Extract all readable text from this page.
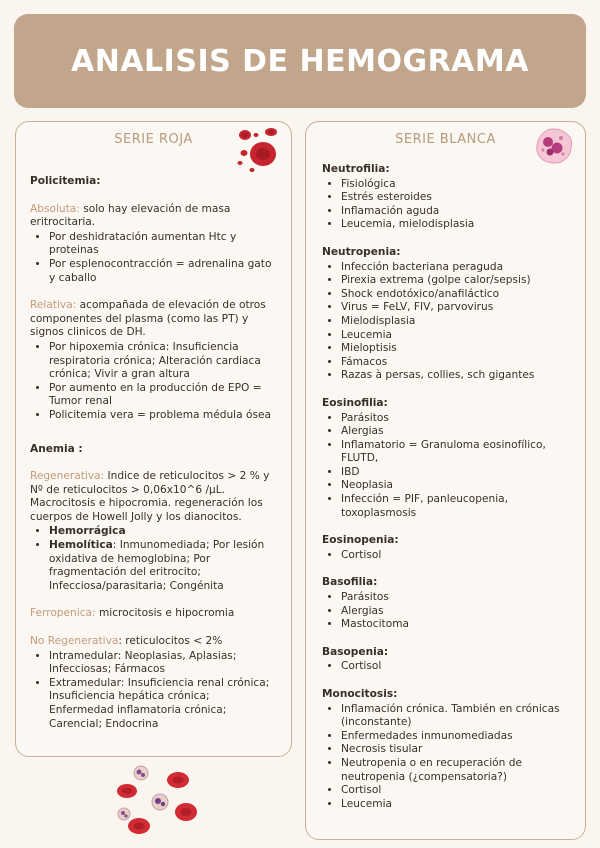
ANALISIS DE HEMOGRAMA
SERIE ROJA

Policitemia:

Absoluta: solo hay elevación de masa eritrocitaria.

• Por deshidratación aumentan Htc y proteinas
• Por esplenocontracción = adrenalina gato y caballo

Relativa: acompañada de elevación de otros componentes del plasma (como las PT) y signos clinicos de DH.

• Por hipoxemia crónica: Insuficiencia respiratoria crónica; Alteración cardiaca crónica; Vivir a gran altura
• Por aumento en la producción de EPO = Tumor renal
• Policitemia vera = problema médula ósea

Anemia :

Regenerativa: Indice de reticulocitos > 2 % y Nº de reticulocitos > 0,06x10^6 /µL. Macrocitosis e hipocromia. regeneración los cuerpos de Howell Jolly y los dianocitos.

• Hemorrágica
• Hemolítica: Inmunomediada; Por lesión oxidativa de hemoglobina; Por fragmentación del eritrocito; Infecciosa/parasitaria; Congénita

Ferropenica: microcitosis e hipocromia

No Regenerativa: reticulocitos < 2%

• Intramedular: Neoplasias, Aplasias; Infecciosas; Fármacos
• Extramedular: Insuficiencia renal crónica; Insuficiencia hepática crónica; Enfermedad inflamatoria crónica; Carencial; Endocrina
SERIE BLANCA

Neutrofilia:

• Fisiológica
• Estrés esteroides
• Inflamación aguda
• Leucemia, mielodisplasia

Neutropenia:

• Infección bacteriana peraguda
• Pirexia extrema (golpe calor/sepsis)
• Shock endotóxico/anafiláctico
• Virus = FeLV, FIV, parvovirus
• Mielodisplasia
• Leucemia
• Mieloptisis
• Fámacos
• Razas à persas, collies, sch gigantes

Eosinofilia:

• Parásitos
• Alergias
• Inflamatorio = Granuloma eosinofílico, FLUTD,
• IBD
• Neoplasia
• Infección = PIF, panleucopenia, toxoplasmosis

Eosinopenia:

• Cortisol

Basofilia:

• Parásitos
• Alergias
• Mastocitoma

Basopenia:

• Cortisol

Monocitosis:

• Inflamación crónica. También en crónicas (inconstante)
• Enfermedades inmunomediadas
• Necrosis tisular
• Neutropenia o en recuperación de neutropenia (¿compensatoria?)
• Cortisol
• Leucemia
